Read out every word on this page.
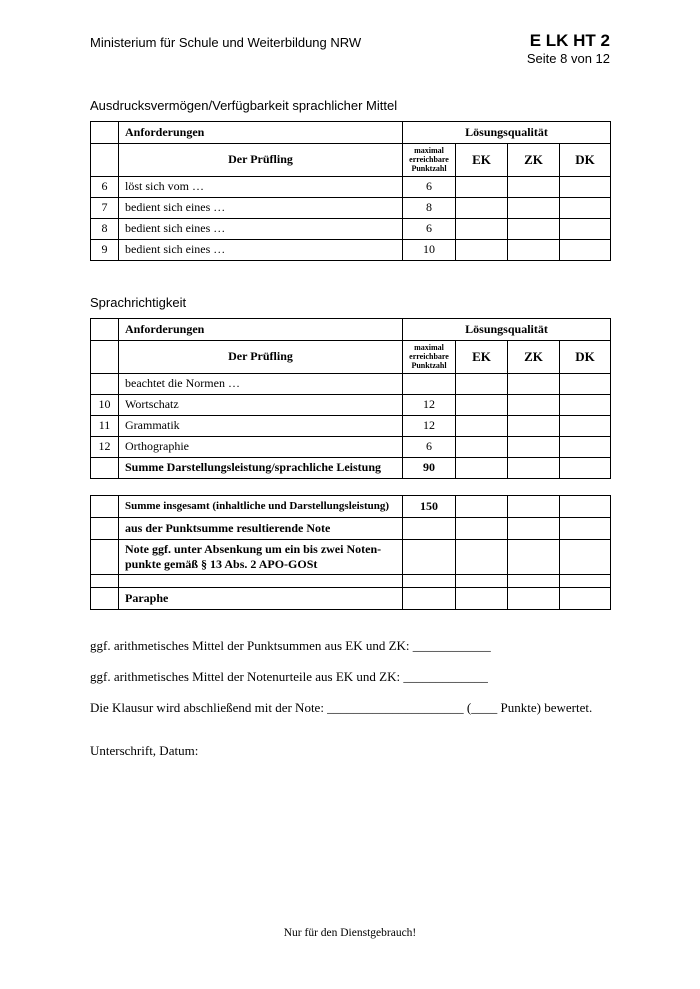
Ministerium für Schule und Weiterbildung NRW	E LK HT 2
Seite 8 von 12
Ausdrucksvermögen/Verfügbarkeit sprachlicher Mittel
	Anforderungen	Lösungsqualität			
	Der Prüfling	maximal erreichbare Punktzahl	EK	ZK	DK
6	löst sich vom …	6			
7	bedient sich eines …	8			
8	bedient sich eines …	6			
9	bedient sich eines …	10			
Sprachrichtigkeit
	Anforderungen	Lösungsqualität			
	Der Prüfling	maximal erreichbare Punktzahl	EK	ZK	DK
	beachtet die Normen …				
10	Wortschatz	12			
11	Grammatik	12			
12	Orthographie	6			
	Summe Darstellungsleistung/sprachliche Leistung	90			
	Summe insgesamt (inhaltliche und Darstellungsleistung)	150			
	aus der Punktsumme resultierende Note				
	Note ggf. unter Absenkung um ein bis zwei Notenpunkte gemäß § 13 Abs. 2 APO-GOSt				

	Paraphe				
ggf. arithmetisches Mittel der Punktsummen aus EK und ZK: ____________
ggf. arithmetisches Mittel der Notenurteile aus EK und ZK: _____________
Die Klausur wird abschließend mit der Note: _____________________ (____ Punkte) bewertet.
Unterschrift, Datum:
Nur für den Dienstgebrauch!
